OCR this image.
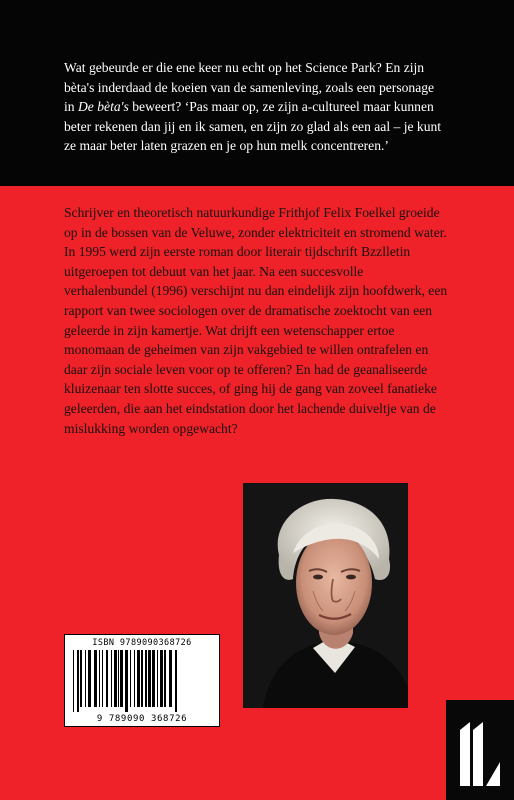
Wat gebeurde er die ene keer nu echt op het Science Park? En zijn bèta's inderdaad de koeien van de samenleving, zoals een personage in De bèta's beweert? ‘Pas maar op, ze zijn a-cultureel maar kunnen beter rekenen dan jij en ik samen, en zijn zo glad als een aal – je kunt ze maar beter laten grazen en je op hun melk concentreren.’

Schrijver en theoretisch natuurkundige Frithjof Felix Foelkel groeide op in de bossen van de Veluwe, zonder elektriciteit en stromend water. In 1995 werd zijn eerste roman door literair tijdschrift Bzzlletin uitgeroepen tot debuut van het jaar. Na een succesvolle verhalenbundel (1996) verschijnt nu dan eindelijk zijn hoofdwerk, een rapport van twee sociologen over de dramatische zoektocht van een geleerde in zijn kamertje. Wat drijft een wetenschapper ertoe monomaan de geheimen van zijn vakgebied te willen ontrafelen en daar zijn sociale leven voor op te offeren? En had de geanaliseerde kluizenaar ten slotte succes, of ging hij de gang van zoveel fanatieke geleerden, die aan het eindstation door het lachende duiveltje van de mislukking worden opgewacht?

ISBN 9789090368726
9 789090 368726
